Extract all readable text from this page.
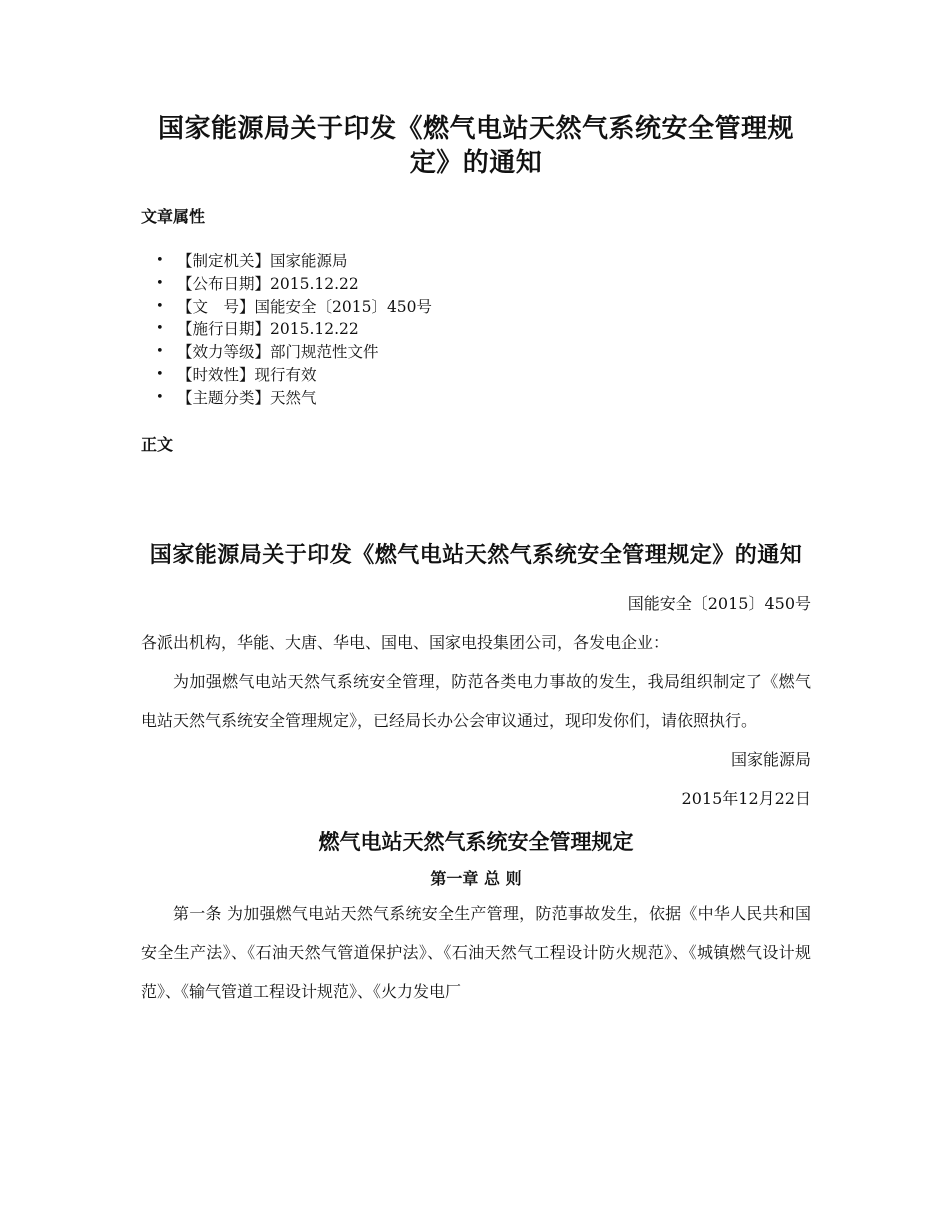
国家能源局关于印发《燃气电站天然气系统安全管理规定》的通知
文章属性
• 【制定机关】国家能源局
• 【公布日期】2015.12.22
• 【文　号】国能安全〔2015〕450号
• 【施行日期】2015.12.22
• 【效力等级】部门规范性文件
• 【时效性】现行有效
• 【主题分类】天然气
正文
国家能源局关于印发《燃气电站天然气系统安全管理规定》的通知

国能安全〔2015〕450号

各派出机构，华能、大唐、华电、国电、国家电投集团公司，各发电企业：

为加强燃气电站天然气系统安全管理，防范各类电力事故的发生，我局组织制定了《燃气电站天然气系统安全管理规定》，已经局长办公会审议通过，现印发你们，请依照执行。

国家能源局

2015年12月22日

燃气电站天然气系统安全管理规定
第一章 总 则

第一条 为加强燃气电站天然气系统安全生产管理，防范事故发生，依据《中华人民共和国安全生产法》、《石油天然气管道保护法》、《石油天然气工程设计防火规范》、《城镇燃气设计规范》、《输气管道工程设计规范》、《火力发电厂
